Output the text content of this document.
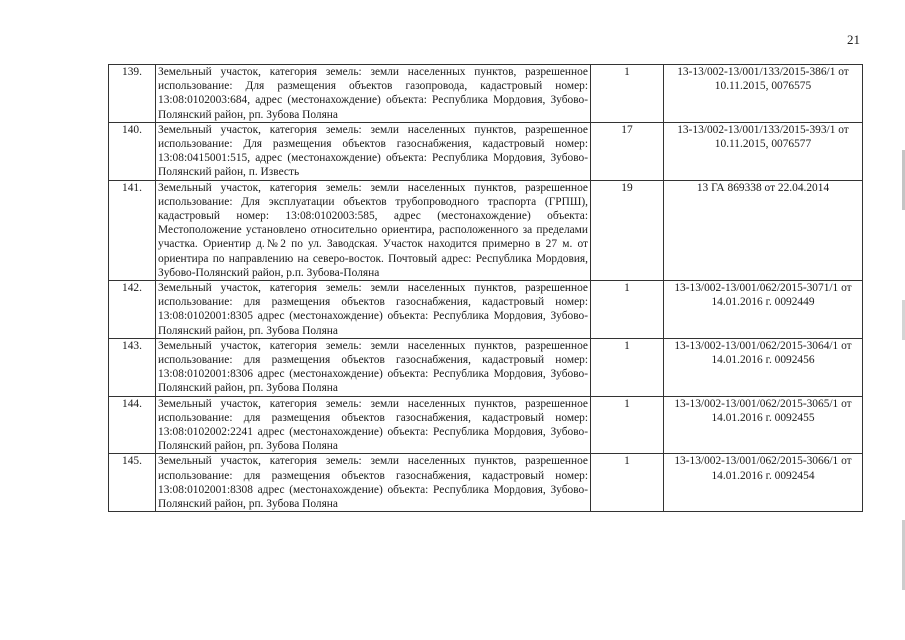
21
139.	Земельный участок, категория земель: земли населенных пунктов, разрешенное использование: Для размещения объектов газопровода, кадастровый номер: 13:08:0102003:684, адрес (местонахождение) объекта: Республика Мордовия, Зубово-Полянский район, рп. Зубова Поляна	1	13-13/002-13/001/133/2015-386/1 от 10.11.2015, 0076575
140.	Земельный участок, категория земель: земли населенных пунктов, разрешенное использование: Для размещения объектов газоснабжения, кадастровый номер: 13:08:0415001:515, адрес (местонахождение) объекта: Республика Мордовия, Зубово-Полянский район, п. Известь	17	13-13/002-13/001/133/2015-393/1 от 10.11.2015, 0076577
141.	Земельный участок, категория земель: земли населенных пунктов, разрешенное использование: Для эксплуатации объектов трубопроводного траспорта (ГРПШ), кадастровый номер: 13:08:0102003:585, адрес (местонахождение) объекта: Местоположение установлено относительно ориентира, расположенного за пределами участка. Ориентир д.№2 по ул. Заводская. Участок находится примерно в 27 м. от ориентира по направлению на северо-восток. Почтовый адрес: Республика Мордовия, Зубово-Полянский район, р.п. Зубова-Поляна	19	13 ГА 869338 от 22.04.2014
142.	Земельный участок, категория земель: земли населенных пунктов, разрешенное использование: для размещения объектов газоснабжения, кадастровый номер: 13:08:0102001:8305 адрес (местонахождение) объекта: Республика Мордовия, Зубово-Полянский район, рп. Зубова Поляна	1	13-13/002-13/001/062/2015-3071/1 от 14.01.2016 г. 0092449
143.	Земельный участок, категория земель: земли населенных пунктов, разрешенное использование: для размещения объектов газоснабжения, кадастровый номер: 13:08:0102001:8306 адрес (местонахождение) объекта: Республика Мордовия, Зубово-Полянский район, рп. Зубова Поляна	1	13-13/002-13/001/062/2015-3064/1 от 14.01.2016 г. 0092456
144.	Земельный участок, категория земель: земли населенных пунктов, разрешенное использование: для размещения объектов газоснабжения, кадастровый номер: 13:08:0102002:2241 адрес (местонахождение) объекта: Республика Мордовия, Зубово-Полянский район, рп. Зубова Поляна	1	13-13/002-13/001/062/2015-3065/1 от 14.01.2016 г. 0092455
145.	Земельный участок, категория земель: земли населенных пунктов, разрешенное использование: для размещения объектов газоснабжения, кадастровый номер: 13:08:0102001:8308 адрес (местонахождение) объекта: Республика Мордовия, Зубово-Полянский район, рп. Зубова Поляна	1	13-13/002-13/001/062/2015-3066/1 от 14.01.2016 г. 0092454
